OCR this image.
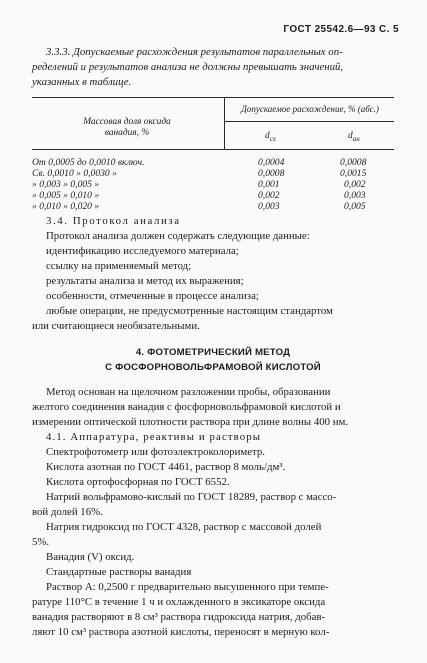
ГОСТ 25542.6—93 С. 5
3.3.3. Допускаемые расхождения результатов параллельных оп-
ределений и результатов анализа не должны превышать значений,
указанных в таблице.
Массовая доля оксида
ванадия, %
Допускаемое расхождение, % (абс.)
$d_{сх}$	$d_{ан}$
От 0,0005 до 0,0010 включ.	0,0004	0,0008
Св. 0,0010 » 0,0030 »	0,0008	0,0015
» 0,003 » 0,005 »	0,001	0,002
» 0,005 » 0,010 »	0,002	0,003
» 0,010 » 0,020 »	0,003	0,005
3.4. Протокол анализа
Протокол анализа должен содержать следующие данные:
идентификацию исследуемого материала;
ссылку на применяемый метод;
результаты анализа и метод их выражения;
особенности, отмеченные в процессе анализа;
любые операции, не предусмотренные настоящим стандартом
или считающиеся необязательными.
4. ФОТОМЕТРИЧЕСКИЙ МЕТОД
С ФОСФОРНОВОЛЬФРАМОВОЙ КИСЛОТОЙ
Метод основан на щелочном разложении пробы, образовании
желтого соединения ванадия с фосфорновольфрамовой кислотой и
измерении оптической плотности раствора при длине волны 400 нм.
4.1. Аппаратура, реактивы и растворы
Спектрофотометр или фотоэлектроколориметр.
Кислота азотная по ГОСТ 4461, раствор 8 моль/дм³.
Кислота ортофосфорная по ГОСТ 6552.
Натрий вольфрамово-кислый по ГОСТ 18289, раствор с массо-
вой долей 16%.
Натрия гидроксид по ГОСТ 4328, раствор с массовой долей
5%.
Ванадия (V) оксид.
Стандартные растворы ванадия
Раствор А: 0,2500 г предварительно высушенного при темпе-
ратуре 110°С в течение 1 ч и охлажденного в эксикаторе оксида
ванадия растворяют в 8 см³ раствора гидроксида натрия, добав-
ляют 10 см³ раствора азотной кислоты, переносят в мерную кол-
